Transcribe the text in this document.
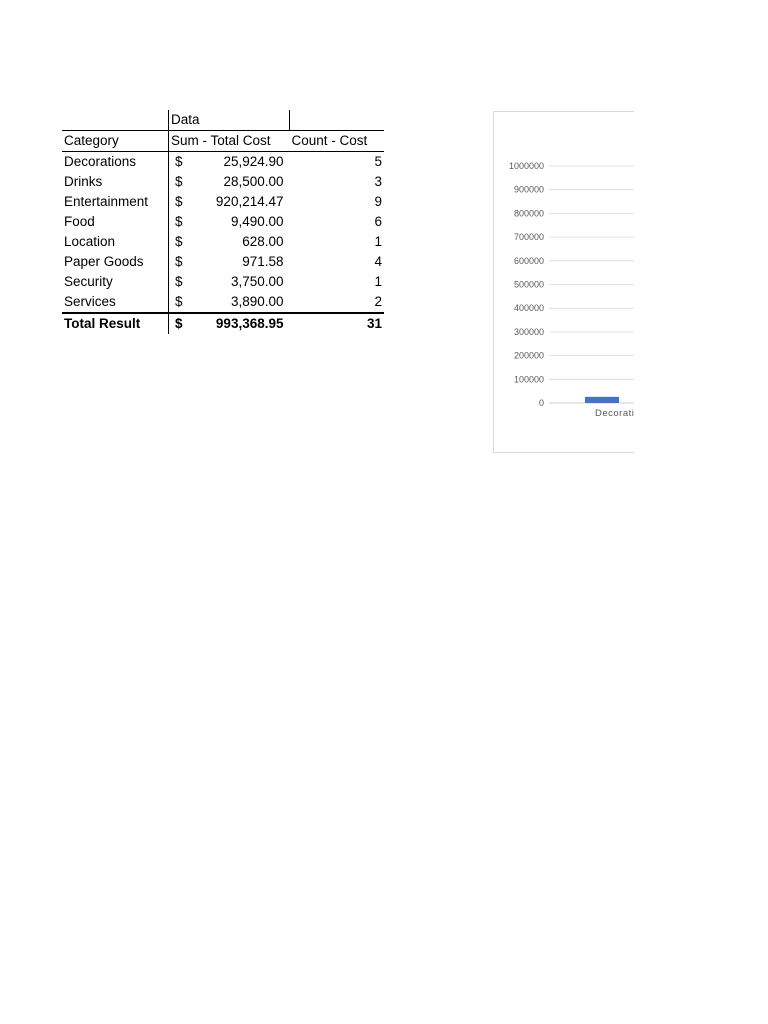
	Data	
Category	Sum - Total Cost	Count - Cost
Decorations	$ 25,924.90	5
Drinks	$ 28,500.00	3
Entertainment	$ 920,214.47	9
Food	$ 9,490.00	6
Location	$ 628.00	1
Paper Goods	$ 971.58	4
Security	$ 3,750.00	1
Services	$ 3,890.00	2
Total Result	$ 993,368.95	31
1000000
900000
800000
700000
600000
500000
400000
300000
200000
100000
0
Decorati
